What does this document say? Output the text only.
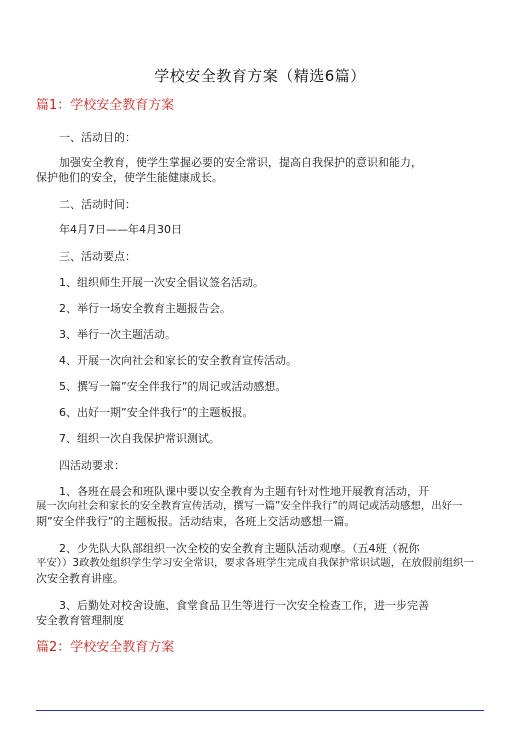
学校安全教育方案（精选6篇）
篇1：学校安全教育方案
一、活动目的：
加强安全教育，使学生掌握必要的安全常识，提高自我保护的意识和能力，
保护他们的安全，使学生能健康成长。
二、活动时间：
年4月7日——年4月30日
三、活动要点：
1、组织师生开展一次安全倡议签名活动。
2、举行一场安全教育主题报告会。
3、举行一次主题活动。
4、开展一次向社会和家长的安全教育宣传活动。
5、撰写一篇”安全伴我行”的周记或活动感想。
6、出好一期”安全伴我行”的主题板报。
7、组织一次自我保护常识测试。
四活动要求：
1、各班在晨会和班队课中要以安全教育为主题有针对性地开展教育活动，开
展一次向社会和家长的安全教育宣传活动，撰写一篇”安全伴我行”的周记或活动感想，出好一
期”安全伴我行”的主题板报。活动结束，各班上交活动感想一篇。
2、少先队大队部组织一次全校的安全教育主题队活动观摩。（五4班（祝你
平安））3政教处组织学生学习安全常识，要求各班学生完成自我保护常识试题，在放假前组织一
次安全教育讲座。
3、后勤处对校舍设施、食堂食品卫生等进行一次安全检查工作，进一步完善
安全教育管理制度
篇2：学校安全教育方案
